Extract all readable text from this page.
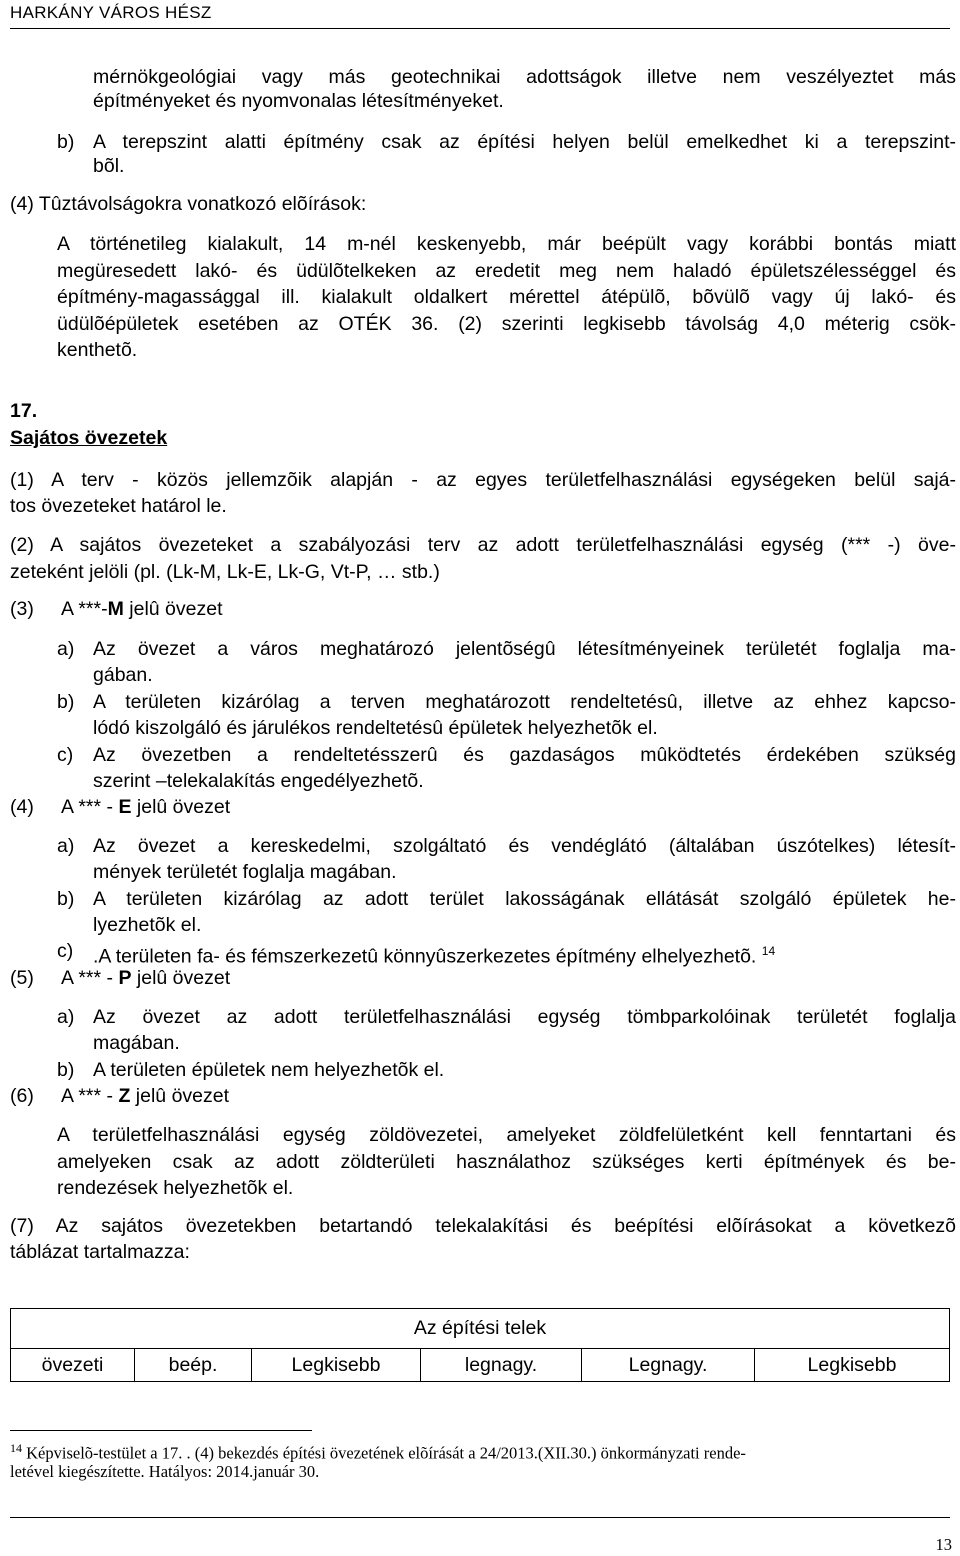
HARKÁNY VÁROS HÉSZ
mérnökgeológiai vagy más geotechnikai adottságok illetve nem veszélyeztet más
építményeket és nyomvonalas létesítményeket.
b) A terepszint alatti építmény csak az építési helyen belül emelkedhet ki a terepszint-
bõl.
(4) Tûztávolságokra vonatkozó elõírások:
A történetileg kialakult, 14 m-nél keskenyebb, már beépült vagy korábbi bontás miatt
megüresedett lakó- és üdülõtelkeken az eredetit meg nem haladó épületszélességgel és
építmény-magassággal ill. kialakult oldalkert mérettel átépülõ, bõvülõ vagy új lakó- és
üdülõépületek esetében az OTÉK 36. (2) szerinti legkisebb távolság 4,0 méterig csök-
kenthetõ.
17.
Sajátos övezetek
(1) A terv - közös jellemzõik alapján - az egyes területfelhasználási egységeken belül sajá-
tos övezeteket határol le.
(2) A sajátos övezeteket a szabályozási terv az adott területfelhasználási egység (*** -) öve-
zeteként jelöli (pl. (Lk-M, Lk-E, Lk-G, Vt-P, … stb.)
(3) A ***-M jelû övezet
a) Az övezet a város meghatározó jelentõségû létesítményeinek területét foglalja ma-
gában.
b) A területen kizárólag a terven meghatározott rendeltetésû, illetve az ehhez kapcso-
lódó kiszolgáló és járulékos rendeltetésû épületek helyezhetõk el.
c) Az övezetben a rendeltetésszerû és gazdaságos mûködtetés érdekében szükség
szerint –telekalakítás engedélyezhetõ.
(4) A *** - E jelû övezet
a) Az övezet a kereskedelmi, szolgáltató és vendéglátó (általában úszótelkes) létesít-
mények területét foglalja magában.
b) A területen kizárólag az adott terület lakosságának ellátását szolgáló épületek he-
lyezhetõk el.
c) .A területen fa- és fémszerkezetû könnyûszerkezetes építmény elhelyezhetõ. $^{14}$
(5) A *** - P jelû övezet
a) Az övezet az adott területfelhasználási egység tömbparkolóinak területét foglalja
magában.
b) A területen épületek nem helyezhetõk el.
(6) A *** - Z jelû övezet
A területfelhasználási egység zöldövezetei, amelyeket zöldfelületként kell fenntartani és
amelyeken csak az adott zöldterületi használathoz szükséges kerti építmények és be-
rendezések helyezhetõk el.
(7) Az sajátos övezetekben betartandó telekalakítási és beépítési elõírásokat a következõ
táblázat tartalmazza:
Az építési telek
övezeti	beép.	Legkisebb	legnagy.	Legnagy.	Legkisebb
$^{14}$ Képviselõ-testület a 17. . (4) bekezdés építési övezetének elõírását a 24/2013.(XII.30.) önkormányzati rende-
letével kiegészítette. Hatályos: 2014.január 30.
13
